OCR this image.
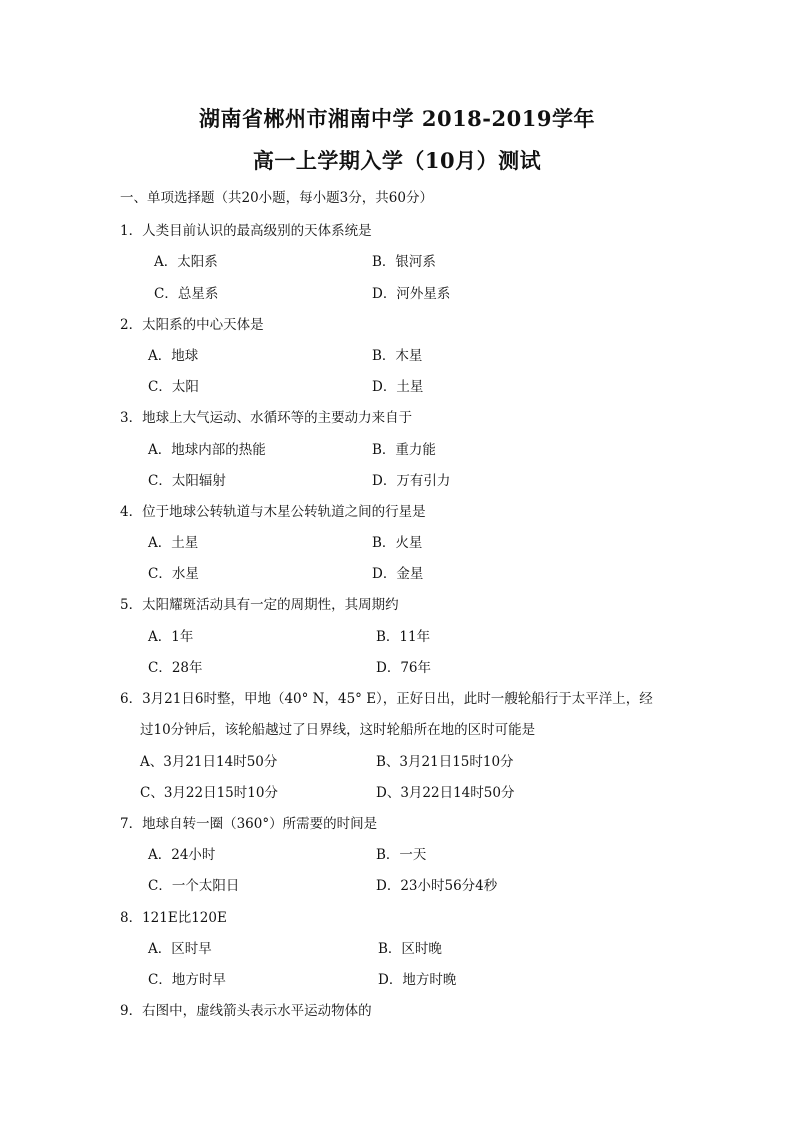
湖南省郴州市湘南中学 2018-2019学年
高一上学期入学（10月）测试
一、单项选择题（共20小题，每小题3分，共60分）
1．人类目前认识的最高级别的天体系统是
A．太阳系	B．银河系
C．总星系	D．河外星系
2．太阳系的中心天体是
A．地球	B．木星
C．太阳	D．土星
3．地球上大气运动、水循环等的主要动力来自于
A．地球内部的热能	B．重力能
C．太阳辐射	D．万有引力
4．位于地球公转轨道与木星公转轨道之间的行星是
A．土星	B．火星
C．水星	D．金星
5．太阳耀斑活动具有一定的周期性，其周期约
A．1年	B．11年
C．28年	D．76年
6．3月21日6时整，甲地（40° N，45° E），正好日出，此时一艘轮船行于太平洋上，经
过10分钟后，该轮船越过了日界线，这时轮船所在地的区时可能是
A、3月21日14时50分	B、3月21日15时10分
C、3月22日15时10分	D、3月22日14时50分
7．地球自转一圈（360°）所需要的时间是
A．24小时	B．一天
C．一个太阳日	D．23小时56分4秒
8．121E比120E
A．区时早	B．区时晚
C．地方时早	D．地方时晚
9．右图中，虚线箭头表示水平运动物体的
